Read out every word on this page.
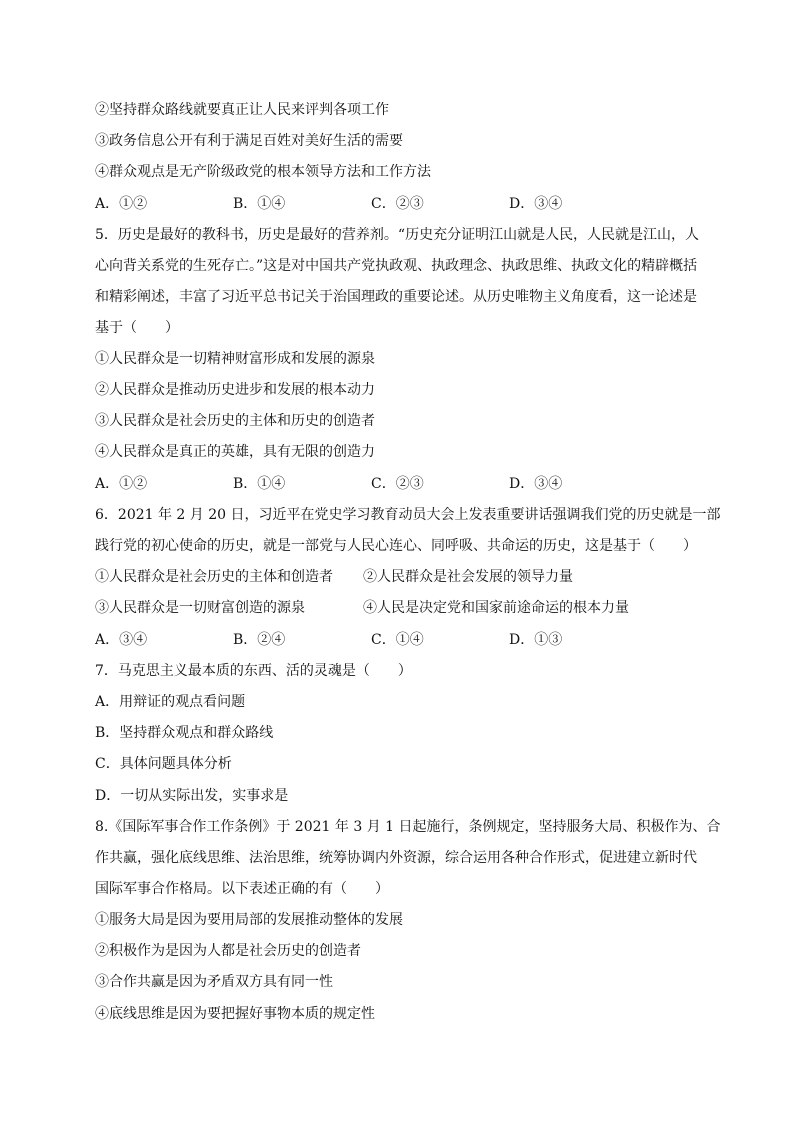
②坚持群众路线就要真正让人民来评判各项工作
③政务信息公开有利于满足百姓对美好生活的需要
④群众观点是无产阶级政党的根本领导方法和工作方法
A．①②	B．①④	C．②③	D．③④
5．历史是最好的教科书，历史是最好的营养剂。“历史充分证明江山就是人民，人民就是江山，人
心向背关系党的生死存亡。”这是对中国共产党执政观、执政理念、执政思维、执政文化的精辟概括
和精彩阐述，丰富了习近平总书记关于治国理政的重要论述。从历史唯物主义角度看，这一论述是
基于（　　）
①人民群众是一切精神财富形成和发展的源泉
②人民群众是推动历史进步和发展的根本动力
③人民群众是社会历史的主体和历史的创造者
④人民群众是真正的英雄，具有无限的创造力
A．①②	B．①④	C．②③	D．③④
6．2021 年 2 月 20 日，习近平在党史学习教育动员大会上发表重要讲话强调我们党的历史就是一部
践行党的初心使命的历史，就是一部党与人民心连心、同呼吸、共命运的历史，这是基于（　　）
①人民群众是社会历史的主体和创造者 ②人民群众是社会发展的领导力量
③人民群众是一切财富创造的源泉	④人民是决定党和国家前途命运的根本力量
A．③④	B．②④	C．①④	D．①③
7．马克思主义最本质的东西、活的灵魂是（　　）
A．用辩证的观点看问题
B．坚持群众观点和群众路线
C．具体问题具体分析
D．一切从实际出发，实事求是
8.《国际军事合作工作条例》于 2021 年 3 月 1 日起施行，条例规定，坚持服务大局、积极作为、合
作共赢，强化底线思维、法治思维，统筹协调内外资源，综合运用各种合作形式，促进建立新时代
国际军事合作格局。以下表述正确的有（　　）
①服务大局是因为要用局部的发展推动整体的发展
②积极作为是因为人都是社会历史的创造者
③合作共赢是因为矛盾双方具有同一性
④底线思维是因为要把握好事物本质的规定性
